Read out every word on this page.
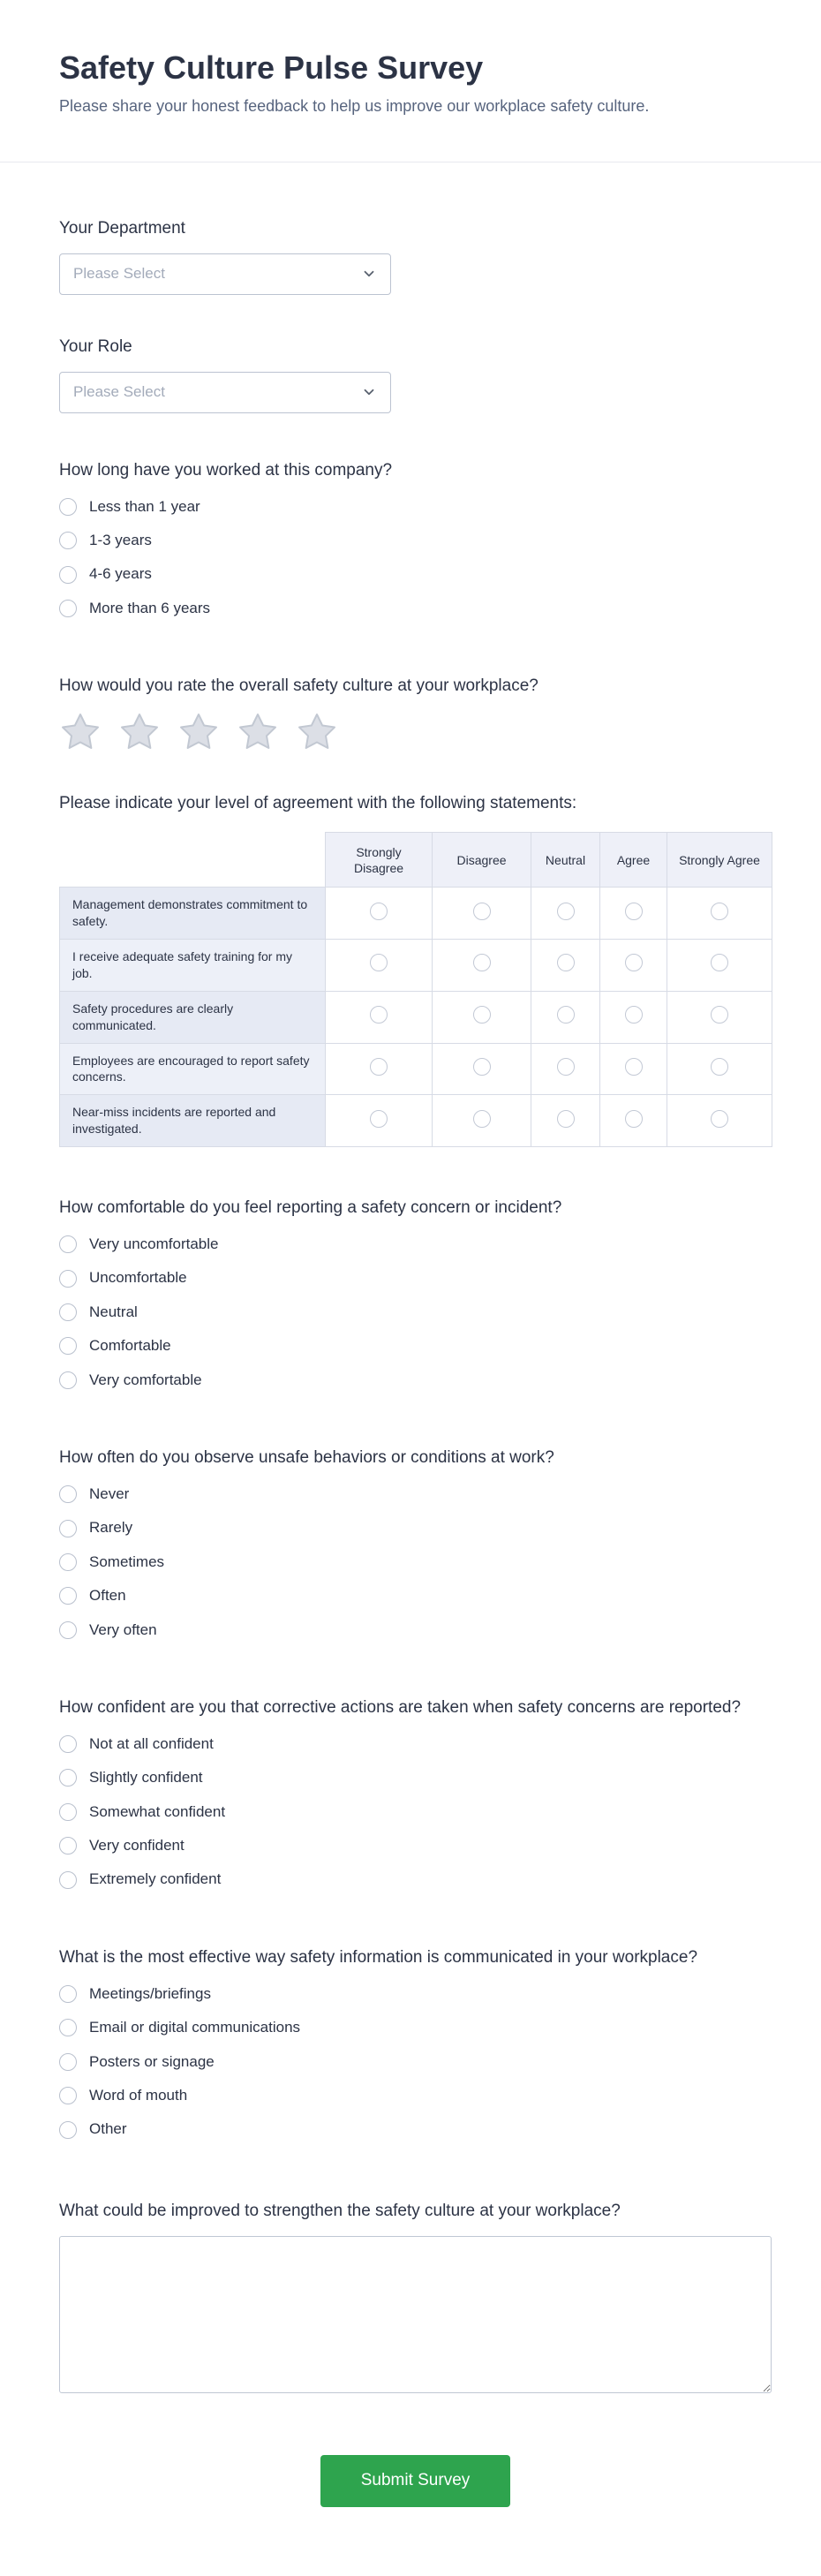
Safety Culture Pulse Survey

Please share your honest feedback to help us improve our workplace safety culture.

Your Department
Please Select
Your Role
Please Select
How long have you worked at this company?
Less than 1 year
1-3 years
4-6 years
More than 6 years
How would you rate the overall safety culture at your workplace?
Please indicate your level of agreement with the following statements:
	Strongly Disagree	Disagree	Neutral	Agree	Strongly Agree
Management demonstrates commitment to safety.					
I receive adequate safety training for my job.					
Safety procedures are clearly communicated.					
Employees are encouraged to report safety concerns.					
Near-miss incidents are reported and investigated.					
How comfortable do you feel reporting a safety concern or incident?
Very uncomfortable
Uncomfortable
Neutral
Comfortable
Very comfortable
How often do you observe unsafe behaviors or conditions at work?
Never
Rarely
Sometimes
Often
Very often
How confident are you that corrective actions are taken when safety concerns are reported?
Not at all confident
Slightly confident
Somewhat confident
Very confident
Extremely confident
What is the most effective way safety information is communicated in your workplace?
Meetings/briefings
Email or digital communications
Posters or signage
Word of mouth
Other
What could be improved to strengthen the safety culture at your workplace?
Submit Survey
